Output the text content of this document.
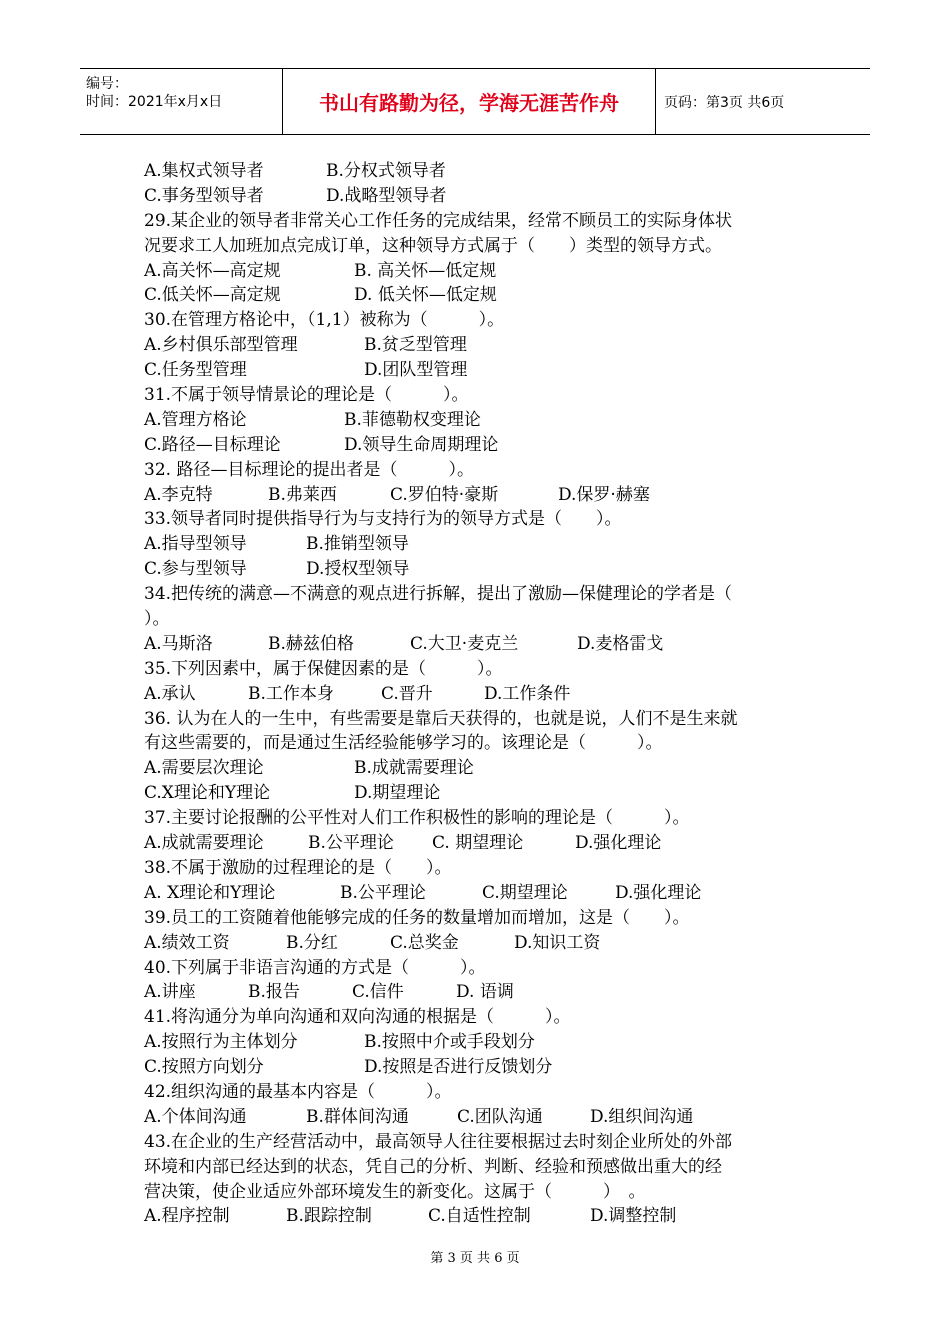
编号：
时间：2021年x月x日	书山有路勤为径，学海无涯苦作舟	页码：第3页 共6页
A.集权式领导者	B.分权式领导者
C.事务型领导者	D.战略型领导者
29.某企业的领导者非常关心工作任务的完成结果，经常不顾员工的实际身体状
况要求工人加班加点完成订单，这种领导方式属于（　　）类型的领导方式。
A.高关怀—高定规	B. 高关怀—低定规
C.低关怀—高定规	D. 低关怀—低定规
30.在管理方格论中，（1,1）被称为（　　　）。
A.乡村俱乐部型管理	B.贫乏型管理
C.任务型管理	D.团队型管理
31.不属于领导情景论的理论是（　　　）。
A.管理方格论	B.菲德勒权变理论
C.路径—目标理论	D.领导生命周期理论
32. 路径—目标理论的提出者是（　　　）。
A.李克特	B.弗莱西	C.罗伯特·豪斯	D.保罗·赫塞
33.领导者同时提供指导行为与支持行为的领导方式是（　　）。
A.指导型领导	B.推销型领导
C.参与型领导	D.授权型领导
34.把传统的满意—不满意的观点进行拆解，提出了激励—保健理论的学者是（
）。
A.马斯洛	B.赫兹伯格	C.大卫·麦克兰	D.麦格雷戈
35.下列因素中，属于保健因素的是（　　　）。
A.承认	B.工作本身	C.晋升	D.工作条件
36. 认为在人的一生中，有些需要是靠后天获得的，也就是说，人们不是生来就
有这些需要的，而是通过生活经验能够学习的。该理论是（　　　）。
A.需要层次理论	B.成就需要理论
C.X理论和Y理论	D.期望理论
37.主要讨论报酬的公平性对人们工作积极性的影响的理论是（　　　）。
A.成就需要理论	B.公平理论	C. 期望理论	D.强化理论
38.不属于激励的过程理论的是（　　）。
A. X理论和Y理论	B.公平理论	C.期望理论	D.强化理论
39.员工的工资随着他能够完成的任务的数量增加而增加，这是（　　）。
A.绩效工资	B.分红	C.总奖金	D.知识工资
40.下列属于非语言沟通的方式是（　　　）。
A.讲座	B.报告	C.信件	D. 语调
41.将沟通分为单向沟通和双向沟通的根据是（　　　）。
A.按照行为主体划分	B.按照中介或手段划分
C.按照方向划分	D.按照是否进行反馈划分
42.组织沟通的最基本内容是（　　　）。
A.个体间沟通	B.群体间沟通	C.团队沟通	D.组织间沟通
43.在企业的生产经营活动中，最高领导人往往要根据过去时刻企业所处的外部
环境和内部已经达到的状态，凭自己的分析、判断、经验和预感做出重大的经
营决策，使企业适应外部环境发生的新变化。这属于（　　　）　。
A.程序控制	B.跟踪控制	C.自适性控制	D.调整控制
第 3 页 共 6 页
